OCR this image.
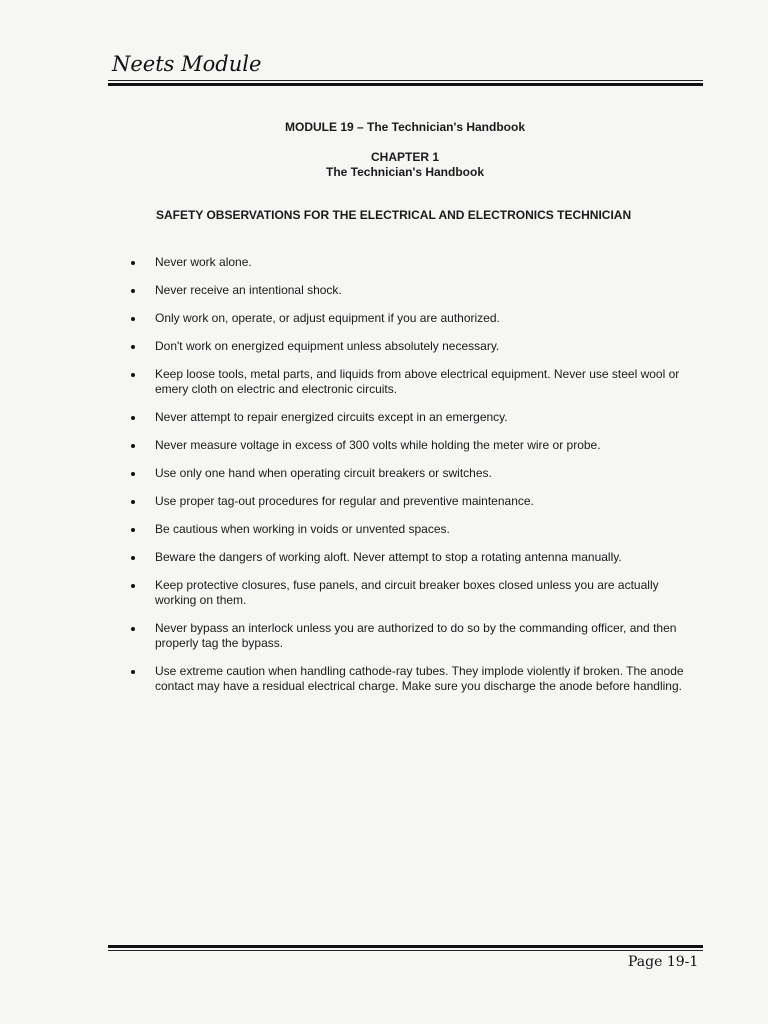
Neets Module
MODULE 19 – The Technician's Handbook
CHAPTER 1
The Technician's Handbook
SAFETY OBSERVATIONS FOR THE ELECTRICAL AND ELECTRONICS TECHNICIAN
Never work alone.
Never receive an intentional shock.
Only work on, operate, or adjust equipment if you are authorized.
Don't work on energized equipment unless absolutely necessary.
Keep loose tools, metal parts, and liquids from above electrical equipment. Never use steel wool or emery cloth on electric and electronic circuits.
Never attempt to repair energized circuits except in an emergency.
Never measure voltage in excess of 300 volts while holding the meter wire or probe.
Use only one hand when operating circuit breakers or switches.
Use proper tag-out procedures for regular and preventive maintenance.
Be cautious when working in voids or unvented spaces.
Beware the dangers of working aloft. Never attempt to stop a rotating antenna manually.
Keep protective closures, fuse panels, and circuit breaker boxes closed unless you are actually working on them.
Never bypass an interlock unless you are authorized to do so by the commanding officer, and then properly tag the bypass.
Use extreme caution when handling cathode-ray tubes. They implode violently if broken. The anode contact may have a residual electrical charge. Make sure you discharge the anode before handling.
Page 19-1
